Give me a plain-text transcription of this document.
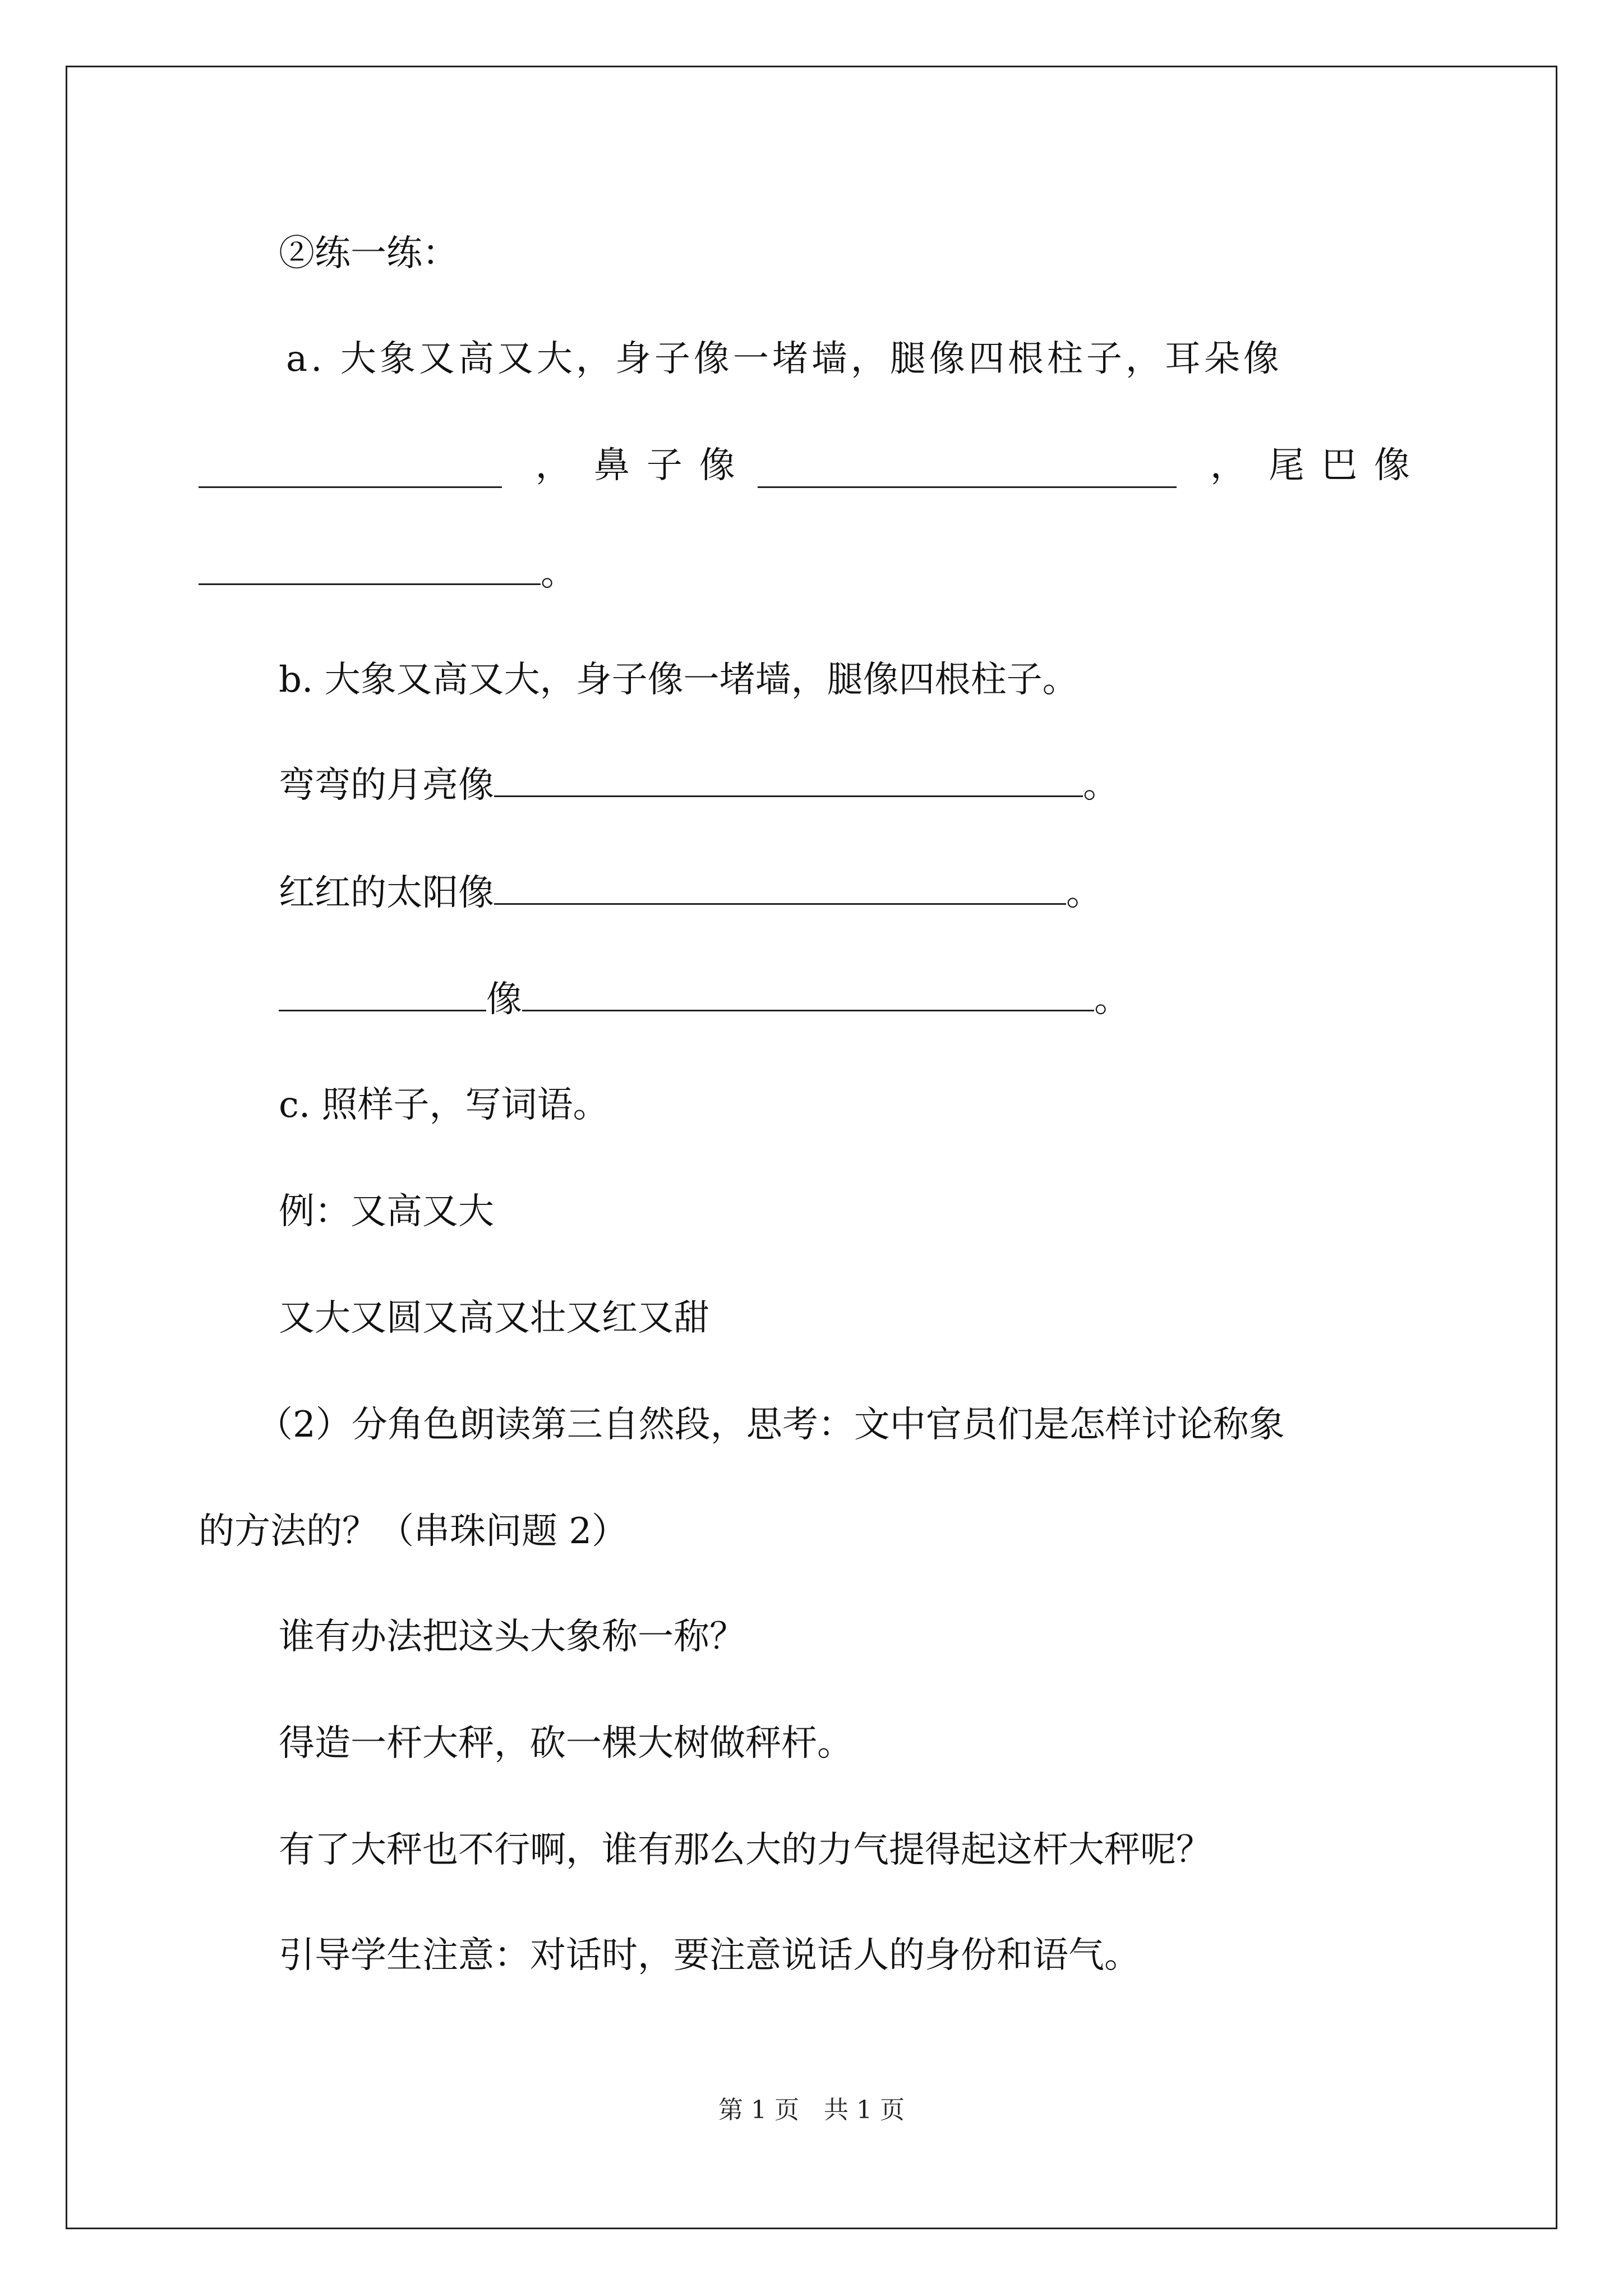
②练一练：
a. 大象又高又大，身子像一堵墙，腿像四根柱子，耳朵像
， 鼻子像	， 尾巴像
。
b. 大象又高又大，身子像一堵墙，腿像四根柱子。
弯弯的月亮像	。
红红的太阳像	。
像	。
c. 照样子，写词语。
例：又高又大
又大又圆又高又壮又红又甜
（2）分角色朗读第三自然段，思考：文中官员们是怎样讨论称象
的方法的？（串珠问题 2）
谁有办法把这头大象称一称？
得造一杆大秤，砍一棵大树做秤杆。
有了大秤也不行啊，谁有那么大的力气提得起这杆大秤呢？
引导学生注意：对话时，要注意说话人的身份和语气。
第 1 页　共 1 页
